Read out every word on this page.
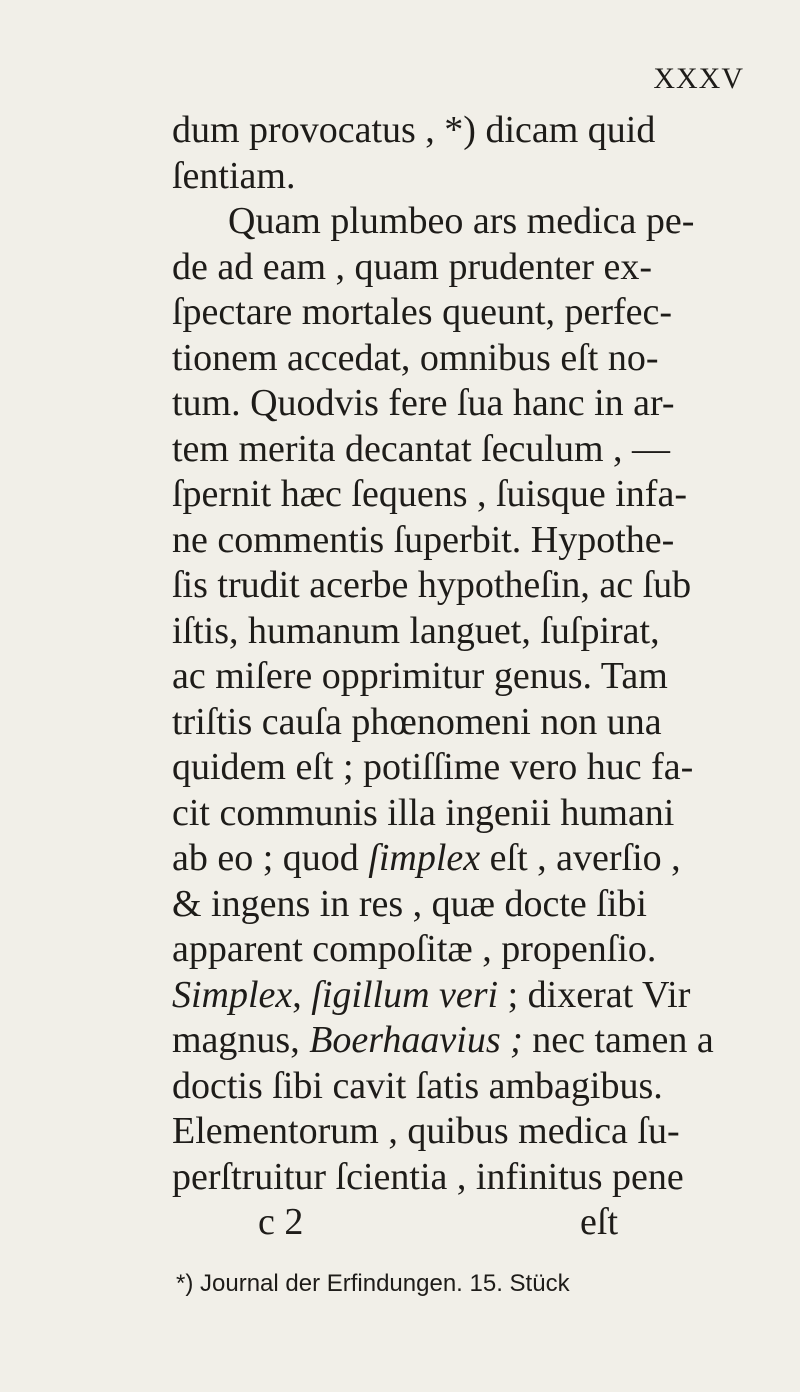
XXXV
dum provocatus , *) dicam quid
ſentiam.
Quam plumbeo ars medica pe-
de ad eam , quam prudenter ex-
ſpectare mortales queunt, perfec-
tionem accedat, omnibus eſt no-
tum. Quodvis fere ſua hanc in ar-
tem merita decantat ſeculum , —
ſpernit hæc ſequens , ſuisque infa-
ne commentis ſuperbit. Hypothe-
ſis trudit acerbe hypotheſin, ac ſub
iſtis, humanum languet, ſuſpirat,
ac miſere opprimitur genus. Tam
triſtis cauſa phœnomeni non una
quidem eſt ; potiſſime vero huc fa-
cit communis illa ingenii humani
ab eo ; quod ſimplex eſt , averſio ,
& ingens in res , quæ docte ſibi
apparent compoſitæ , propenſio.
Simplex, ſigillum veri ; dixerat Vir
magnus, Boerhaavius ; nec tamen a
doctis ſibi cavit ſatis ambagibus.
Elementorum , quibus medica ſu-
perſtruitur ſcientia , infinitus pene
c 2	eſt
*) Journal der Erfindungen. 15. Stück
